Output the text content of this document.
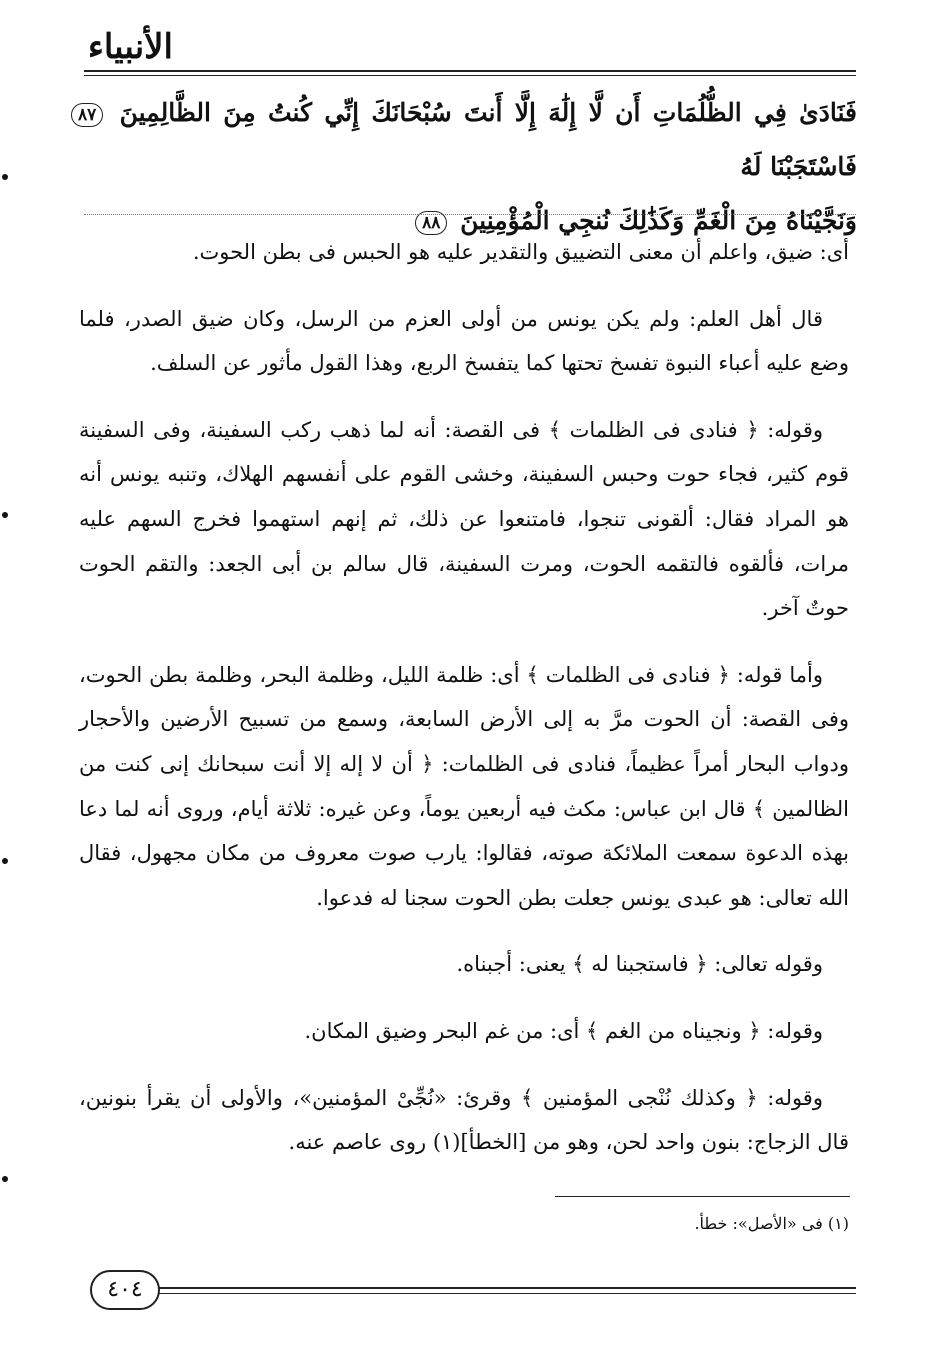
الأنبياء
فَنَادَىٰ فِي الظُّلُمَاتِ أَن لَّا إِلَٰهَ إِلَّا أَنتَ سُبْحَانَكَ إِنِّي كُنتُ مِنَ الظَّالِمِينَ ٨٧ فَاسْتَجَبْنَا لَهُ
وَنَجَّيْنَاهُ مِنَ الْغَمِّ وَكَذَٰلِكَ نُنجِي الْمُؤْمِنِينَ ٨٨

أى: ضيق، واعلم أن معنى التضييق والتقدير عليه هو الحبس فى بطن الحوت.

قال أهل العلم: ولم يكن يونس من أولى العزم من الرسل، وكان ضيق الصدر، فلما وضع عليه أعباء النبوة تفسخ تحتها كما يتفسخ الربع، وهذا القول مأثور عن السلف.

وقوله: ﴿ فنادى فى الظلمات ﴾ فى القصة: أنه لما ذهب ركب السفينة، وفى السفينة قوم كثير، فجاء حوت وحبس السفينة، وخشى القوم على أنفسهم الهلاك، وتنبه يونس أنه هو المراد فقال: ألقونى تنجوا، فامتنعوا عن ذلك، ثم إنهم استهموا فخرج السهم عليه مرات، فألقوه فالتقمه الحوت، ومرت السفينة، قال سالم بن أبى الجعد: والتقم الحوت حوتٌ آخر.

وأما قوله: ﴿ فنادى فى الظلمات ﴾ أى: ظلمة الليل، وظلمة البحر، وظلمة بطن الحوت، وفى القصة: أن الحوت مرَّ به إلى الأرض السابعة، وسمع من تسبيح الأرضين والأحجار ودواب البحار أمراً عظيماً، فنادى فى الظلمات: ﴿ أن لا إله إلا أنت سبحانك إنى كنت من الظالمين ﴾ قال ابن عباس: مكث فيه أربعين يوماً، وعن غيره: ثلاثة أيام، وروى أنه لما دعا بهذه الدعوة سمعت الملائكة صوته، فقالوا: يارب صوت معروف من مكان مجهول، فقال الله تعالى: هو عبدى يونس جعلت بطن الحوت سجنا له فدعوا.

وقوله تعالى: ﴿ فاستجبنا له ﴾ يعنى: أجبناه.

وقوله: ﴿ ونجيناه من الغم ﴾ أى: من غم البحر وضيق المكان.

وقوله: ﴿ وكذلك نُنْجى المؤمنين ﴾ وقرئ: «نُجِّىْ المؤمنين»، والأولى أن يقرأ بنونين، قال الزجاج: بنون واحد لحن، وهو من [الخطأ](١) روى عاصم عنه.

(١) فى «الأصل»: خطأ.
٤٠٤
